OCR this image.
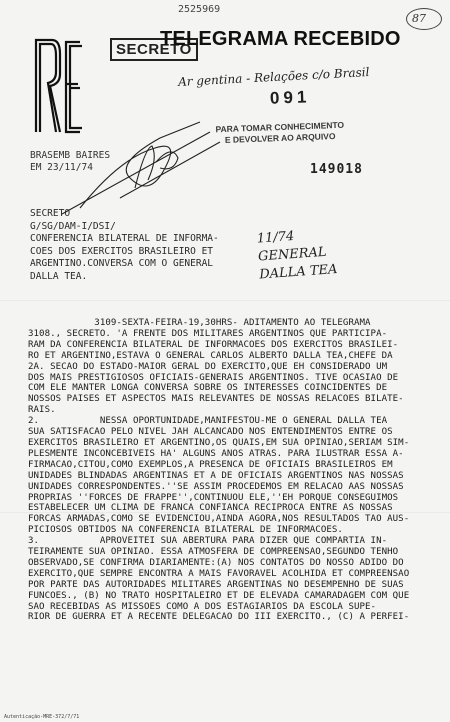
2525969
87
SECRETO
TELEGRAMA RECEBIDO
Ar gentina - Relações c/o Brasil
091
PARA TOMAR CONHECIMENTO
E DEVOLVER AO ARQUIVO
149018
BRASEMB BAIRES
EM 23/11/74
SECRETO
G/SG/DAM-I/DSI/
CONFERENCIA BILATERAL DE INFORMA-
COES DOS EXERCITOS BRASILEIRO ET
ARGENTINO.CONVERSA COM O GENERAL
DALLA TEA.
11/74
GENERAL
DALLA TEA
3109-SEXTA-FEIRA-19,30HRS- ADITAMENTO AO TELEGRAMA
3108., SECRETO. 'A FRENTE DOS MILITARES ARGENTINOS QUE PARTICIPA-
RAM DA CONFERENCIA BILATERAL DE INFORMACOES DOS EXERCITOS BRASILEI-
RO ET ARGENTINO,ESTAVA O GENERAL CARLOS ALBERTO DALLA TEA,CHEFE DA
2A. SECAO DO ESTADO-MAIOR GERAL DO EXERCITO,QUE EH CONSIDERADO UM
DOS MAIS PRESTIGIOSOS OFICIAIS-GENERAIS ARGENTINOS. TIVE OCASIAO DE
COM ELE MANTER LONGA CONVERSA SOBRE OS INTERESSES COINCIDENTES DE
NOSSOS PAISES ET ASPECTOS MAIS RELEVANTES DE NOSSAS RELACOES BILATE-
RAIS.
2.           NESSA OPORTUNIDADE,MANIFESTOU-ME O GENERAL DALLA TEA
SUA SATISFACAO PELO NIVEL JAH ALCANCADO NOS ENTENDIMENTOS ENTRE OS
EXERCITOS BRASILEIRO ET ARGENTINO,OS QUAIS,EM SUA OPINIAO,SERIAM SIM-
PLESMENTE INCONCEBIVEIS HA' ALGUNS ANOS ATRAS. PARA ILUSTRAR ESSA A-
FIRMACAO,CITOU,COMO EXEMPLOS,A PRESENCA DE OFICIAIS BRASILEIROS EM
UNIDADES BLINDADAS ARGENTINAS ET A DE OFICIAIS ARGENTINOS NAS NOSSAS
UNIDADES CORRESPONDENTES.''SE ASSIM PROCEDEMOS EM RELACAO AAS NOSSAS
PROPRIAS ''FORCES DE FRAPPE'',CONTINUOU ELE,''EH PORQUE CONSEGUIMOS
ESTABELECER UM CLIMA DE FRANCA CONFIANCA RECIPROCA ENTRE AS NOSSAS
FORCAS ARMADAS,COMO SE EVIDENCIOU,AINDA AGORA,NOS RESULTADOS TAO AUS-
PICIOSOS OBTIDOS NA CONFERENCIA BILATERAL DE INFORMACOES.
3.           APROVEITEI SUA ABERTURA PARA DIZER QUE COMPARTIA IN-
TEIRAMENTE SUA OPINIAO. ESSA ATMOSFERA DE COMPREENSAO,SEGUNDO TENHO
OBSERVADO,SE CONFIRMA DIARIAMENTE:(A) NOS CONTATOS DO NOSSO ADIDO DO
EXERCITO,QUE SEMPRE ENCONTRA A MAIS FAVORAVEL ACOLHIDA ET COMPREENSAO
POR PARTE DAS AUTORIDADES MILITARES ARGENTINAS NO DESEMPENHO DE SUAS
FUNCOES., (B) NO TRATO HOSPITALEIRO ET DE ELEVADA CAMARADAGEM COM QUE
SAO RECEBIDAS AS MISSOES COMO A DOS ESTAGIARIOS DA ESCOLA SUPE-
RIOR DE GUERRA ET A RECENTE DELEGACAO DO III EXERCITO., (C) A PERFEI-
Autenticação-MRE-372/7/71
